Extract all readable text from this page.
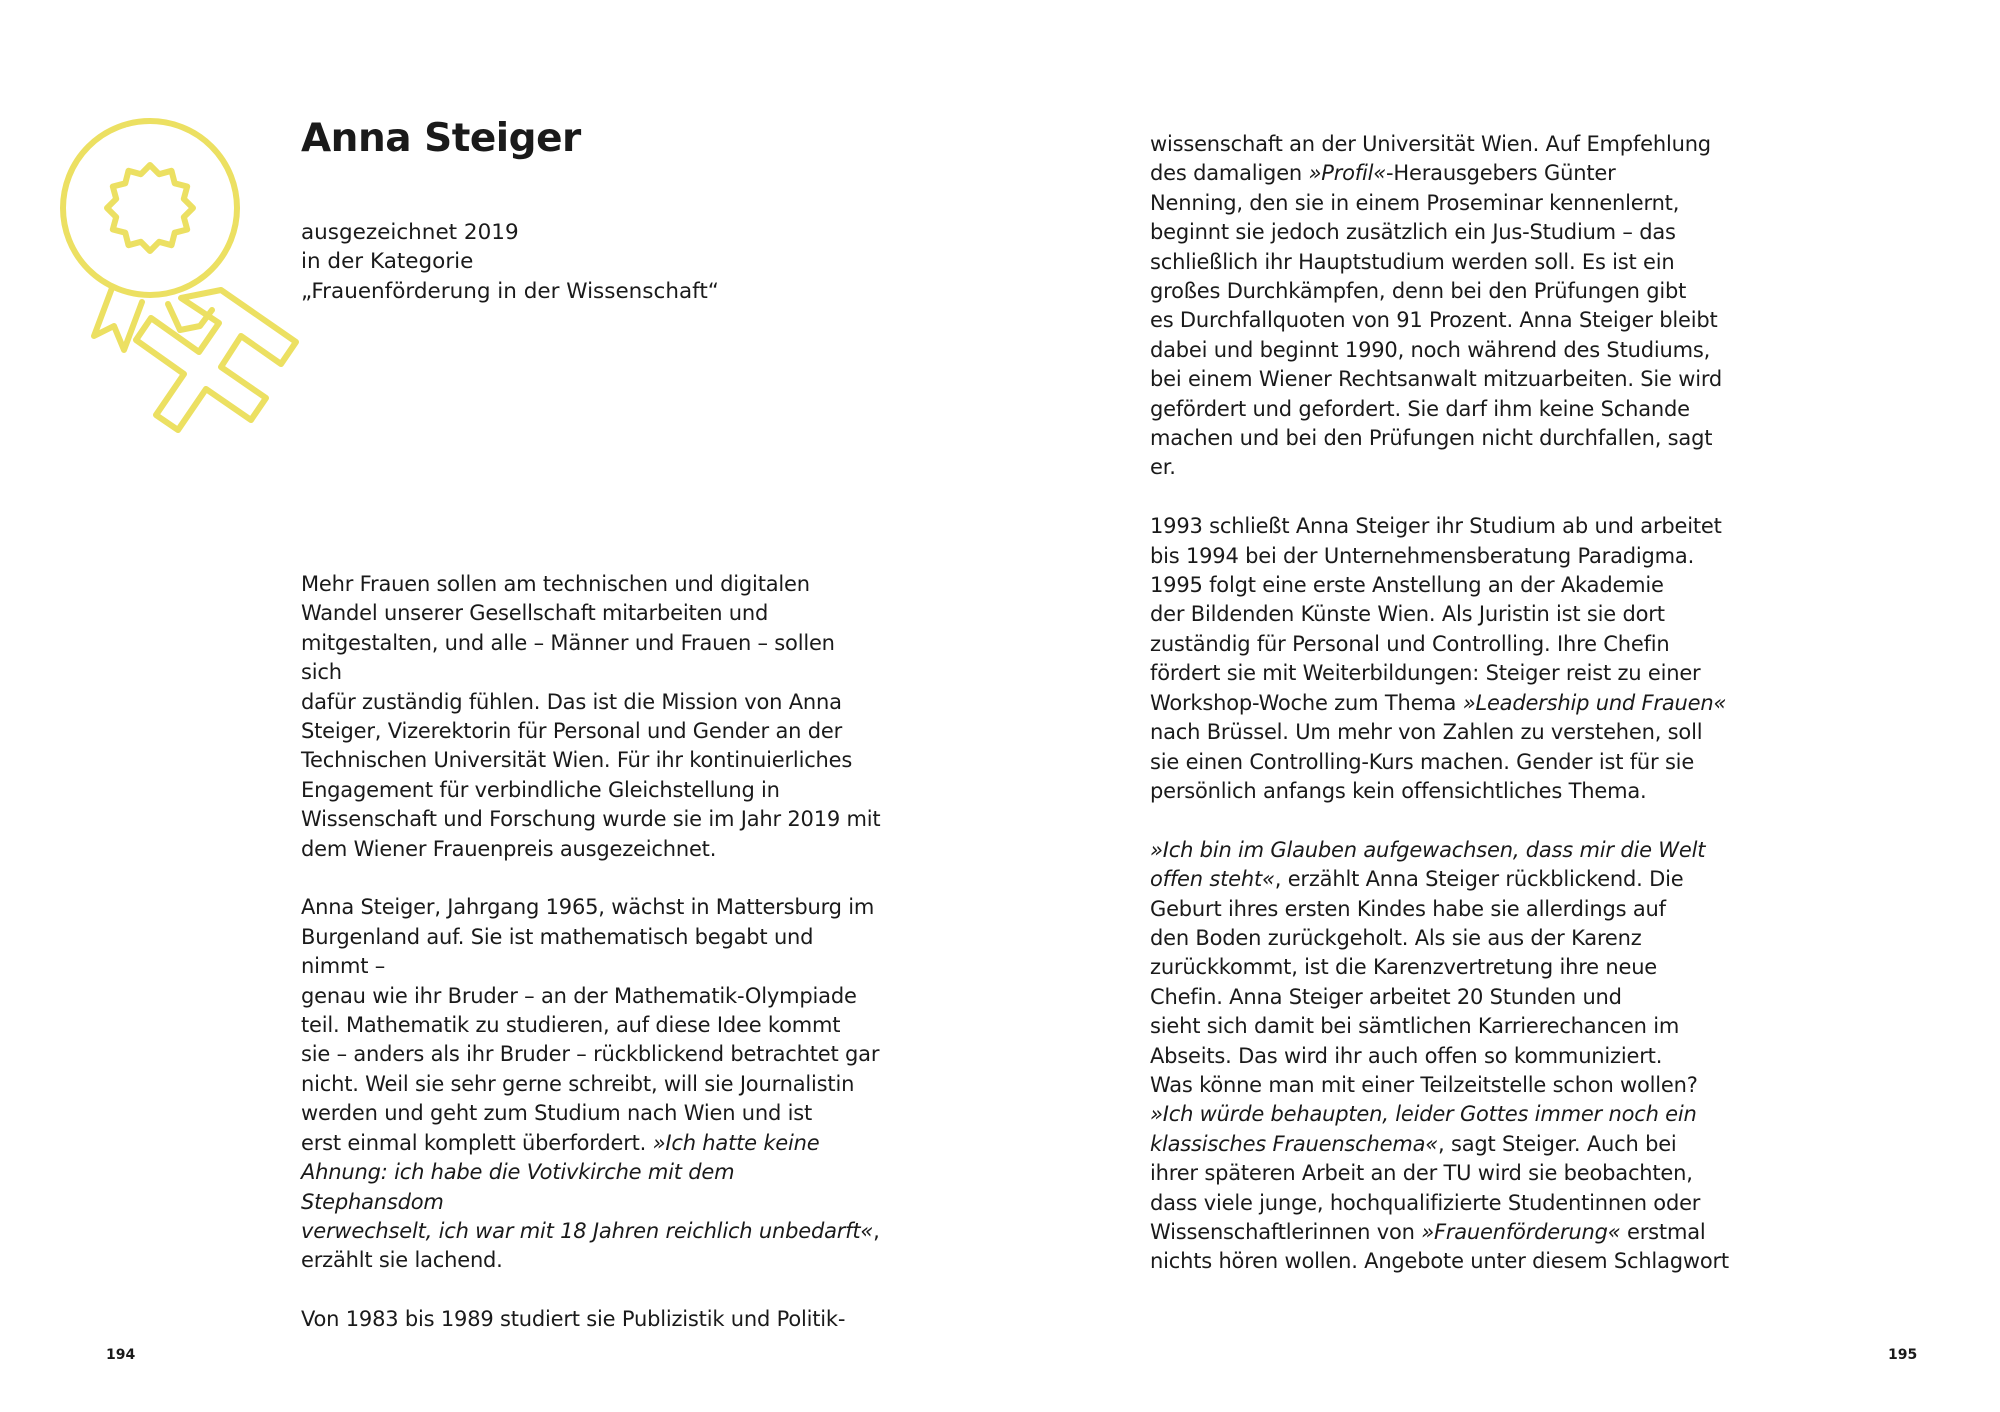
Anna Steiger

ausgezeichnet 2019
in der Kategorie
„Frauenförderung in der Wissenschaft“

Mehr Frauen sollen am technischen und digitalen
Wandel unserer Gesellschaft mitarbeiten und
mitgestalten, und alle – Männer und Frauen – sollen sich
dafür zuständig fühlen. Das ist die Mission von Anna
Steiger, Vizerektorin für Personal und Gender an der
Technischen Universität Wien. Für ihr kontinuierliches
Engagement für verbindliche Gleichstellung in
Wissenschaft und Forschung wurde sie im Jahr 2019 mit
dem Wiener Frauenpreis ausgezeichnet.

Anna Steiger, Jahrgang 1965, wächst in Mattersburg im
Burgenland auf. Sie ist mathematisch begabt und nimmt –
genau wie ihr Bruder – an der Mathematik-Olympiade
teil. Mathematik zu studieren, auf diese Idee kommt
sie – anders als ihr Bruder – rückblickend betrachtet gar
nicht. Weil sie sehr gerne schreibt, will sie Journalistin
werden und geht zum Studium nach Wien und ist
erst einmal komplett überfordert. »Ich hatte keine
Ahnung: ich habe die Votivkirche mit dem Stephansdom
verwechselt, ich war mit 18 Jahren reichlich unbedarft«,
erzählt sie lachend.

Von 1983 bis 1989 studiert sie Publizistik und Politik-

194

wissenschaft an der Universität Wien. Auf Empfehlung
des damaligen »Profil«-Herausgebers Günter
Nenning, den sie in einem Proseminar kennenlernt,
beginnt sie jedoch zusätzlich ein Jus-Studium – das
schließlich ihr Hauptstudium werden soll. Es ist ein
großes Durchkämpfen, denn bei den Prüfungen gibt
es Durchfallquoten von 91 Prozent. Anna Steiger bleibt
dabei und beginnt 1990, noch während des Studiums,
bei einem Wiener Rechtsanwalt mitzuarbeiten. Sie wird
gefördert und gefordert. Sie darf ihm keine Schande
machen und bei den Prüfungen nicht durchfallen, sagt er.

1993 schließt Anna Steiger ihr Studium ab und arbeitet
bis 1994 bei der Unternehmensberatung Paradigma.
1995 folgt eine erste Anstellung an der Akademie
der Bildenden Künste Wien. Als Juristin ist sie dort
zuständig für Personal und Controlling. Ihre Chefin
fördert sie mit Weiterbildungen: Steiger reist zu einer
Workshop-Woche zum Thema »Leadership und Frauen«
nach Brüssel. Um mehr von Zahlen zu verstehen, soll
sie einen Controlling-Kurs machen. Gender ist für sie
persönlich anfangs kein offensichtliches Thema.

»Ich bin im Glauben aufgewachsen, dass mir die Welt
offen steht«, erzählt Anna Steiger rückblickend. Die
Geburt ihres ersten Kindes habe sie allerdings auf
den Boden zurückgeholt. Als sie aus der Karenz
zurückkommt, ist die Karenzvertretung ihre neue
Chefin. Anna Steiger arbeitet 20 Stunden und
sieht sich damit bei sämtlichen Karrierechancen im
Abseits. Das wird ihr auch offen so kommuniziert.
Was könne man mit einer Teilzeitstelle schon wollen?
»Ich würde behaupten, leider Gottes immer noch ein
klassisches Frauenschema«, sagt Steiger. Auch bei
ihrer späteren Arbeit an der TU wird sie beobachten,
dass viele junge, hochqualifizierte Studentinnen oder
Wissenschaftlerinnen von »Frauenförderung« erstmal
nichts hören wollen. Angebote unter diesem Schlagwort

195
